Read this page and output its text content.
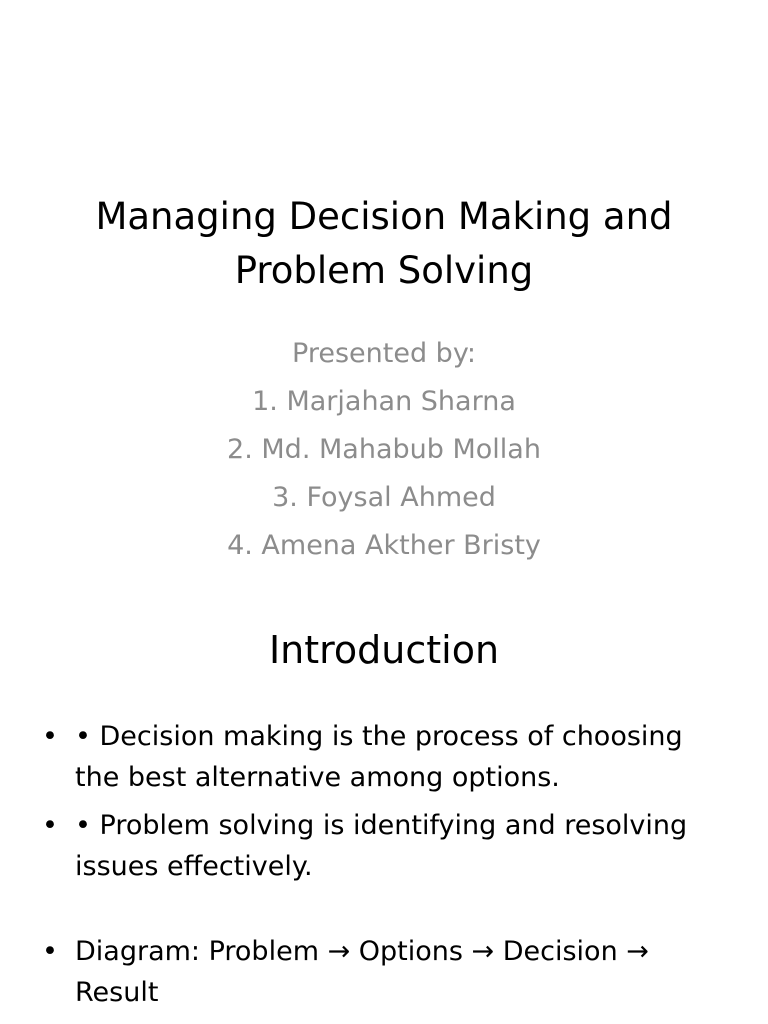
Managing Decision Making and
Problem Solving
Presented by:
1. Marjahan Sharna
2. Md. Mahabub Mollah
3. Foysal Ahmed
4. Amena Akther Bristy
Introduction
• • Decision making is the process of choosing the best alternative among options.
• • Problem solving is identifying and resolving issues effectively.
• Diagram: Problem → Options → Decision → Result
